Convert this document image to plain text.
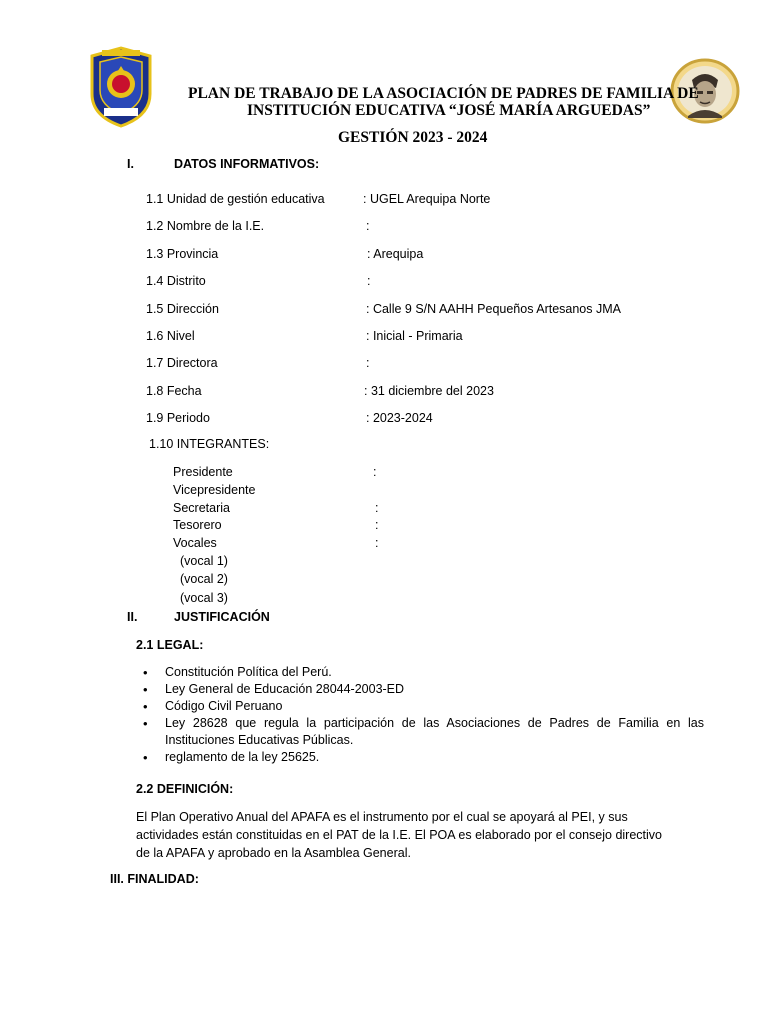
PLAN DE TRABAJO DE LA ASOCIACIÓN DE PADRES DE FAMILIA DE
INSTITUCIÓN EDUCATIVA “JOSÉ MARÍA ARGUEDAS”
GESTIÓN 2023 - 2024
I.	DATOS INFORMATIVOS:
1.1 Unidad de gestión educativa	: UGEL Arequipa Norte
1.2 Nombre de la I.E.	:
1.3 Provincia	: Arequipa
1.4 Distrito	:
1.5 Dirección	: Calle 9 S/N AAHH Pequeños Artesanos JMA
1.6 Nivel	: Inicial - Primaria
1.7 Directora	:
1.8 Fecha	: 31 diciembre del 2023
1.9 Periodo	: 2023-2024
1.10 INTEGRANTES:
Presidente	:
Vicepresidente
Secretaria	:
Tesorero	:
Vocales	:
(vocal 1)
(vocal 2)
(vocal 3)
II.	JUSTIFICACIÓN
2.1 LEGAL:
• Constitución Política del Perú.
• Ley General de Educación 28044-2003-ED
• Código Civil Peruano
• Ley 28628 que regula la participación de las Asociaciones de Padres de Familia en las Instituciones Educativas Públicas.
• reglamento de la ley 25625.
2.2 DEFINICIÓN:
El Plan Operativo Anual del APAFA es el instrumento por el cual se apoyará al PEI, y sus actividades están constituidas en el PAT de la I.E. El POA es elaborado por el consejo directivo de la APAFA y aprobado en la Asamblea General.
III. FINALIDAD:
